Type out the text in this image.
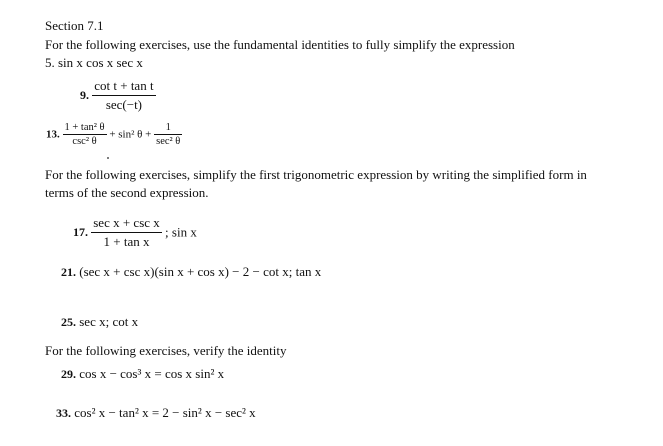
Section 7.1
For the following exercises, use the fundamental identities to fully simplify the expression
5. sin x cos x sec x
9. $\frac{\text{cot t + tan t}}{\sec(-t)}$
13. $\frac{\text{1 + tan² θ}}{\text{csc² θ}} + \sin^2$ $\theta + \frac{1}{\text{sec² θ}}$
For the following exercises, simplify the first trigonometric expression by writing the simplified form in
terms of the second expression.
17. $\frac{\text{sec x + csc x}}{\text{1 + tan x}}$ ; sin x
21. (sec x + csc x)(sin x + cos x) − 2 − cot x; tan x
25. sec x; cot x
For the following exercises, verify the identity
29. cos x − cos³ x = cos x sin² x
33. cos² x − tan² x = 2 − sin² x − sec² x
